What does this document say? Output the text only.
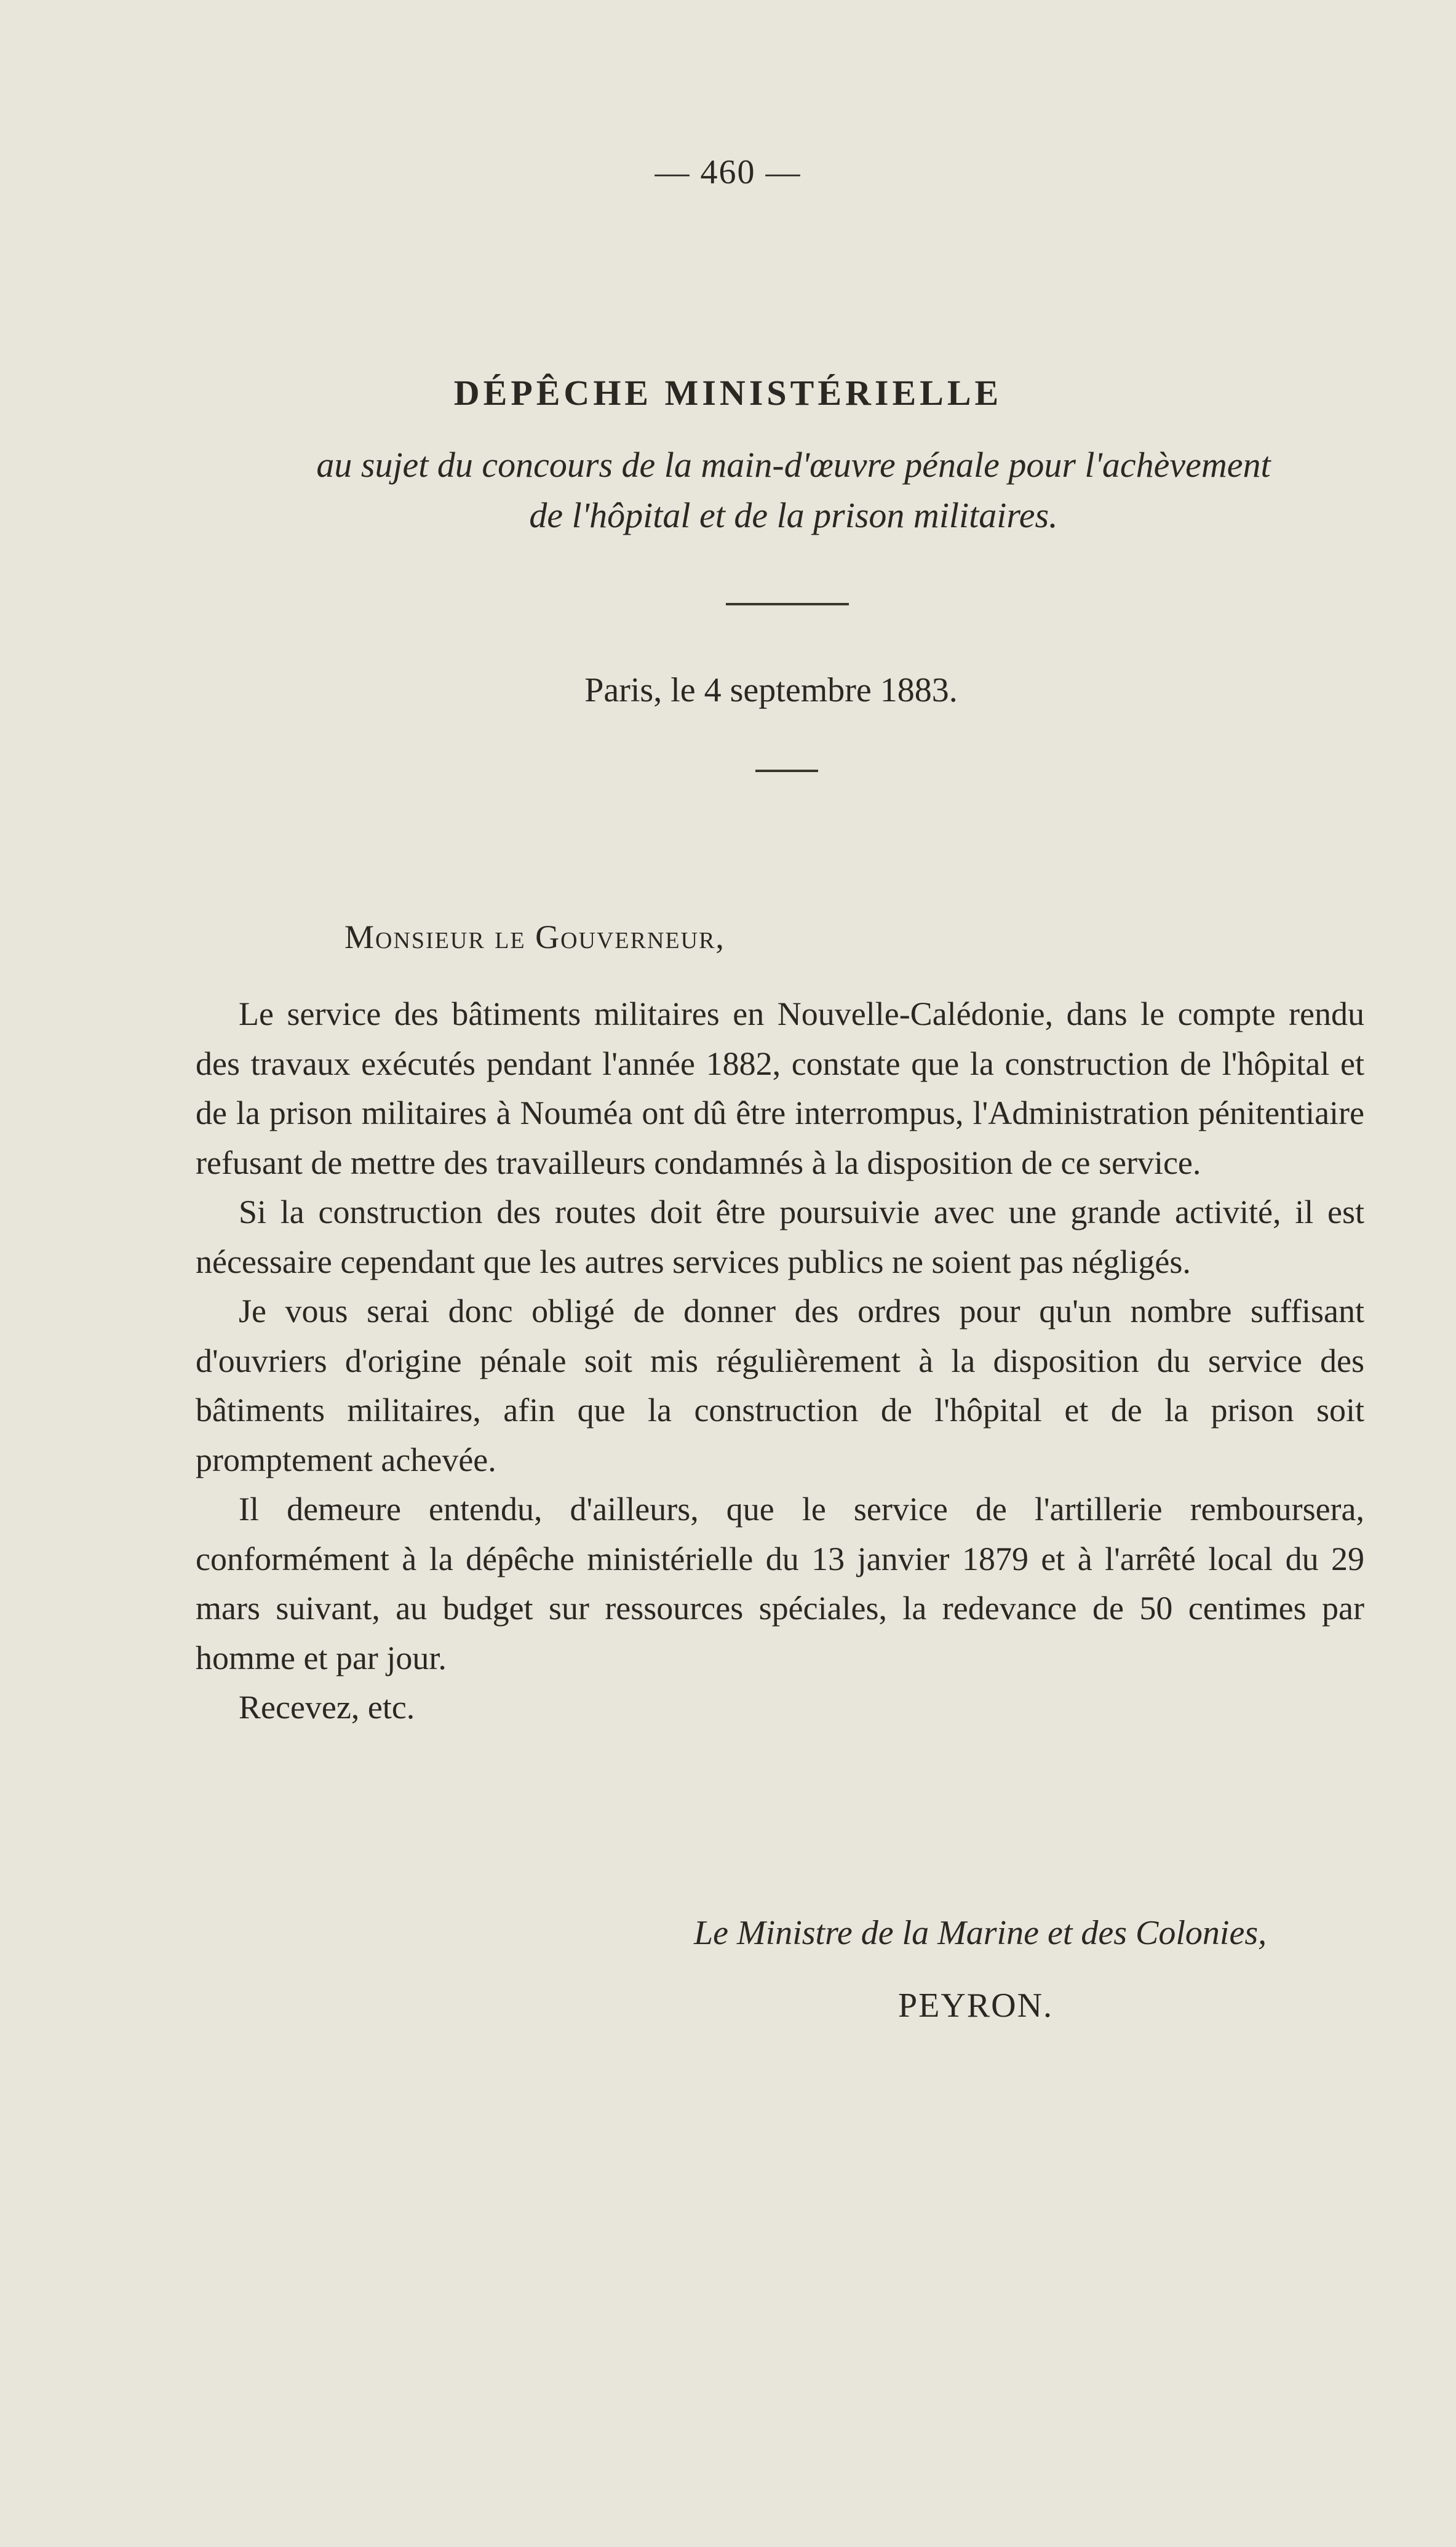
— 460 —
DÉPÊCHE MINISTÉRIELLE
au sujet du concours de la main-d'œuvre pénale pour l'achèvement
de l'hôpital et de la prison militaires.
Paris, le 4 septembre 1883.
Monsieur le Gouverneur,

Le service des bâtiments militaires en Nouvelle-Calédonie, dans le compte rendu des travaux exécutés pendant l'année 1882, constate que la construction de l'hôpital et de la prison militaires à Nouméa ont dû être interrompus, l'Administration pénitentiaire refusant de mettre des travailleurs condamnés à la disposition de ce service.

Si la construction des routes doit être poursuivie avec une grande activité, il est nécessaire cependant que les autres services publics ne soient pas négligés.

Je vous serai donc obligé de donner des ordres pour qu'un nombre suffisant d'ouvriers d'origine pénale soit mis régulièrement à la disposition du service des bâtiments militaires, afin que la construction de l'hôpital et de la prison soit promptement achevée.

Il demeure entendu, d'ailleurs, que le service de l'artillerie remboursera, conformément à la dépêche ministérielle du 13 janvier 1879 et à l'arrêté local du 29 mars suivant, au budget sur ressources spéciales, la redevance de 50 centimes par homme et par jour.

Recevez, etc.

Le Ministre de la Marine et des Colonies,
PEYRON.
